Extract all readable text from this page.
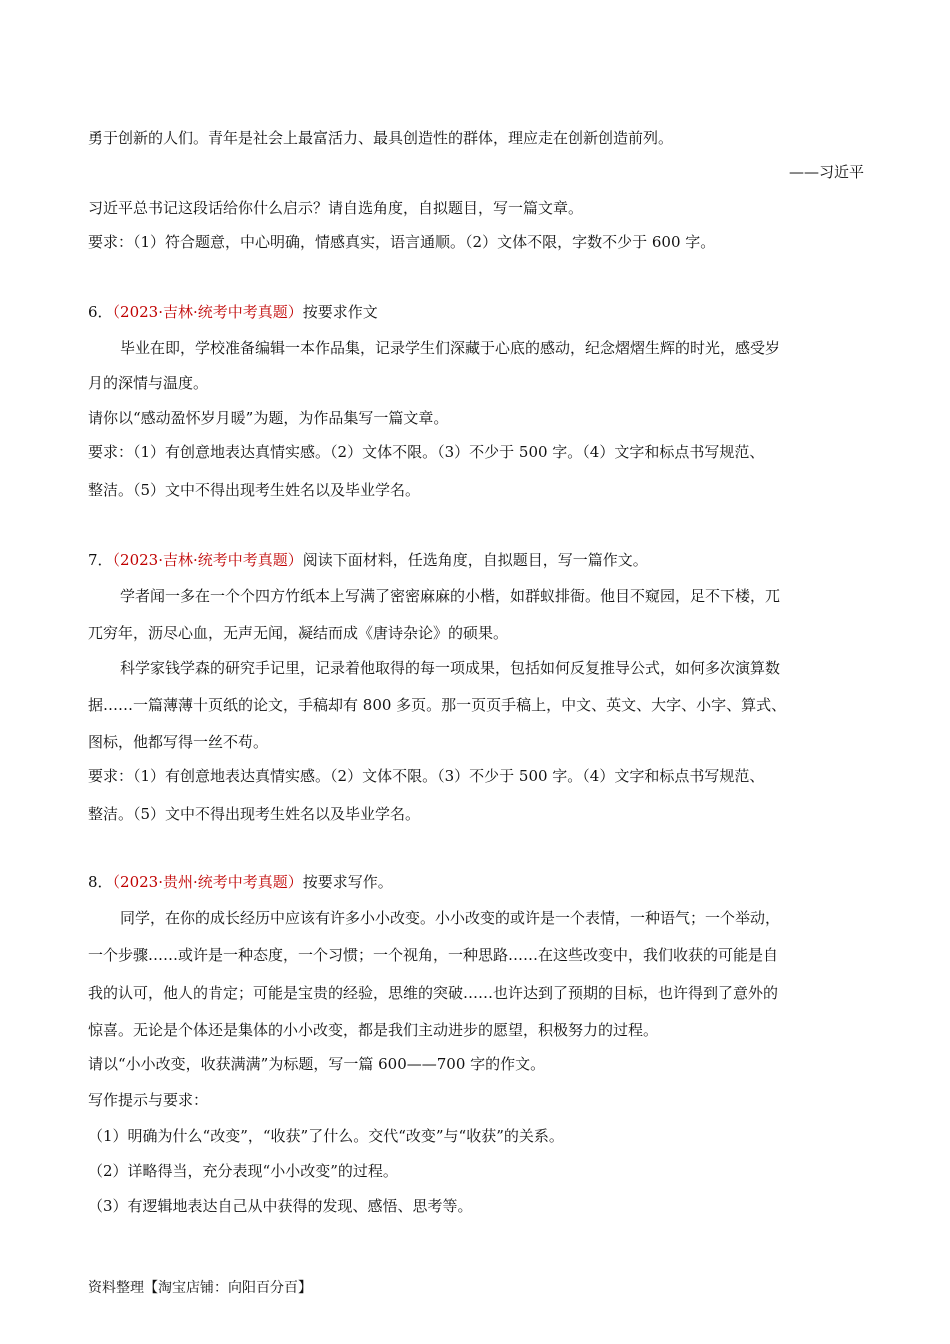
勇于创新的人们。青年是社会上最富活力、最具创造性的群体，理应走在创新创造前列。
——习近平
习近平总书记这段话给你什么启示？请自选角度，自拟题目，写一篇文章。
要求：（1）符合题意，中心明确，情感真实，语言通顺。（2）文体不限，字数不少于 600 字。
6．（2023·吉林·统考中考真题）按要求作文
毕业在即，学校准备编辑一本作品集，记录学生们深藏于心底的感动，纪念熠熠生辉的时光，感受岁
月的深情与温度。
请你以“感动盈怀岁月暖”为题，为作品集写一篇文章。
要求：（1）有创意地表达真情实感。（2）文体不限。（3）不少于 500 字。（4）文字和标点书写规范、
整洁。（5）文中不得出现考生姓名以及毕业学名。
7．（2023·吉林·统考中考真题）阅读下面材料，任选角度，自拟题目，写一篇作文。
学者闻一多在一个个四方竹纸本上写满了密密麻麻的小楷，如群蚁排衙。他目不窥园，足不下楼，兀
兀穷年，沥尽心血，无声无闻，凝结而成《唐诗杂论》的硕果。
科学家钱学森的研究手记里，记录着他取得的每一项成果，包括如何反复推导公式，如何多次演算数
据……一篇薄薄十页纸的论文，手稿却有 800 多页。那一页页手稿上，中文、英文、大字、小字、算式、
图标，他都写得一丝不苟。
要求：（1）有创意地表达真情实感。（2）文体不限。（3）不少于 500 字。（4）文字和标点书写规范、
整洁。（5）文中不得出现考生姓名以及毕业学名。
8．（2023·贵州·统考中考真题）按要求写作。
同学，在你的成长经历中应该有许多小小改变。小小改变的或许是一个表情，一种语气；一个举动，
一个步骤……或许是一种态度，一个习惯；一个视角，一种思路……在这些改变中，我们收获的可能是自
我的认可，他人的肯定；可能是宝贵的经验，思维的突破……也许达到了预期的目标，也许得到了意外的
惊喜。无论是个体还是集体的小小改变，都是我们主动进步的愿望，积极努力的过程。
请以“小小改变，收获满满”为标题，写一篇 600——700 字的作文。
写作提示与要求：
（1）明确为什么“改变”，“收获”了什么。交代“改变”与“收获”的关系。
（2）详略得当，充分表现“小小改变”的过程。
（3）有逻辑地表达自己从中获得的发现、感悟、思考等。
资料整理【淘宝店铺：向阳百分百】
